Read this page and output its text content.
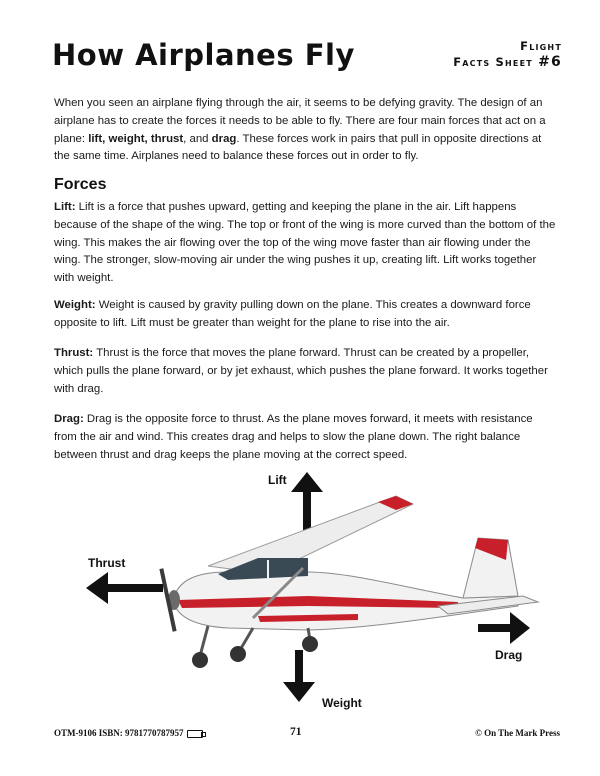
How Airplanes Fly	Flight
Facts Sheet #6

When you seen an airplane flying through the air, it seems to be defying gravity. The design of an airplane has to create the forces it needs to be able to fly. There are four main forces that act on a plane: lift, weight, thrust, and drag. These forces work in pairs that pull in opposite directions at the same time. Airplanes need to balance these forces out in order to fly.

Forces

Lift: Lift is a force that pushes upward, getting and keeping the plane in the air. Lift happens because of the shape of the wing. The top or front of the wing is more curved than the bottom of the wing. This makes the air flowing over the top of the wing move faster than air flowing under the wing. The stronger, slow-moving air under the wing pushes it up, creating lift. Lift works together with weight.

Weight: Weight is caused by gravity pulling down on the plane. This creates a downward force opposite to lift. Lift must be greater than weight for the plane to rise into the air.

Thrust: Thrust is the force that moves the plane forward. Thrust can be created by a propeller, which pulls the plane forward, or by jet exhaust, which pushes the plane forward. It works together with drag.

Drag: Drag is the opposite force to thrust. As the plane moves forward, it meets with resistance from the air and wind. This creates drag and helps to slow the plane down. The right balance between thrust and drag keeps the plane moving at the correct speed.

Lift
Thrust
Drag
Weight
OTM-9106 ISBN: 9781770787957	71	© On The Mark Press
